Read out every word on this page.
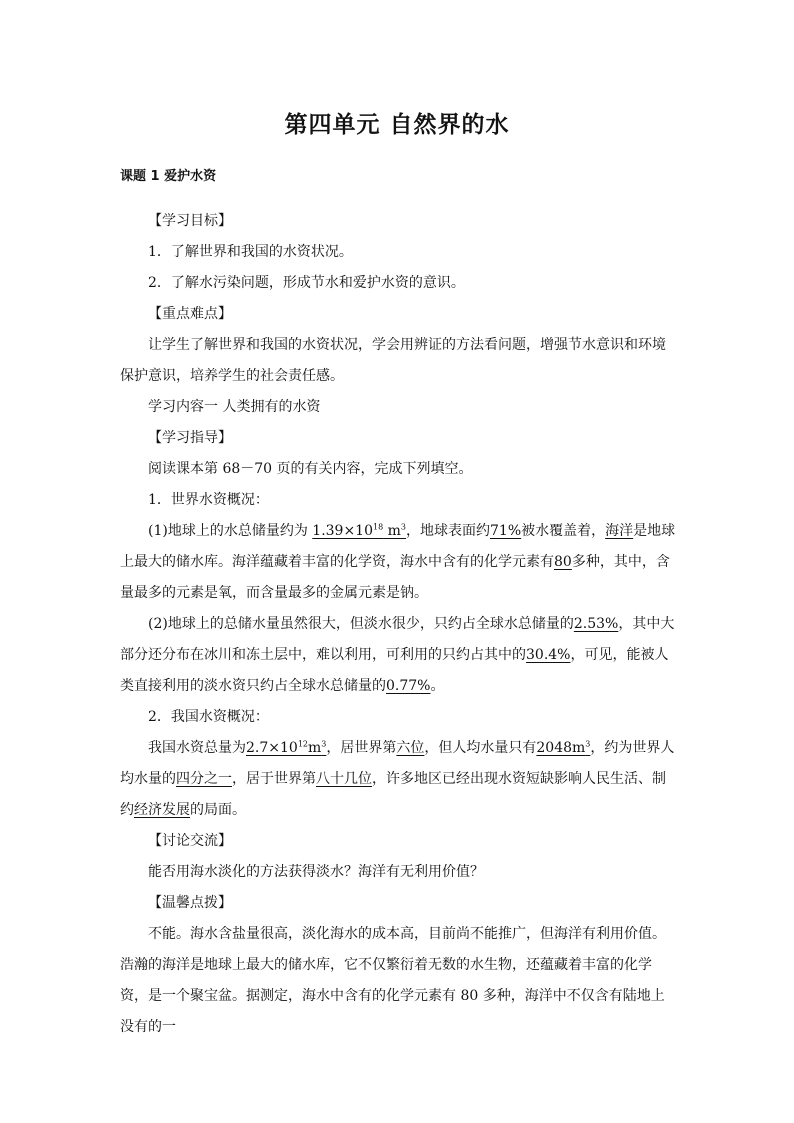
第四单元 自然界的水
课题 1 爱护水资

【学习目标】

1．了解世界和我国的水资状况。

2．了解水污染问题，形成节水和爱护水资的意识。

【重点难点】

让学生了解世界和我国的水资状况，学会用辨证的方法看问题，增强节水意识和环境保护意识，培养学生的社会责任感。

学习内容一 人类拥有的水资

【学习指导】

阅读课本第 68－70 页的有关内容，完成下列填空。

1．世界水资概况：

(1)地球上的水总储量约为 $1.39\times 10^{18}$ $m^3$，地球表面约71%被水覆盖着，海洋是地球上最大的储水库。海洋蕴藏着丰富的化学资，海水中含有的化学元素有80多种，其中，含量最多的元素是氧，而含量最多的金属元素是钠。

(2)地球上的总储水量虽然很大，但淡水很少，只约占全球水总储量的2.53%，其中大部分还分布在冰川和冻土层中，难以利用，可利用的只约占其中的30.4%，可见，能被人类直接利用的淡水资只约占全球水总储量的0.77%。

2．我国水资概况：

我国水资总量为$2.7\times 10^{12}m^3$，居世界第六位，但人均水量只有$2048m^3$，约为世界人均水量的四分之一，居于世界第八十几位，许多地区已经出现水资短缺影响人民生活、制约经济发展的局面。

【讨论交流】

能否用海水淡化的方法获得淡水？海洋有无利用价值？

【温馨点拨】

不能。海水含盐量很高，淡化海水的成本高，目前尚不能推广，但海洋有利用价值。浩瀚的海洋是地球上最大的储水库，它不仅繁衍着无数的水生物，还蕴藏着丰富的化学资，是一个聚宝盆。据测定，海水中含有的化学元素有 80 多种，海洋中不仅含有陆地上没有的一
